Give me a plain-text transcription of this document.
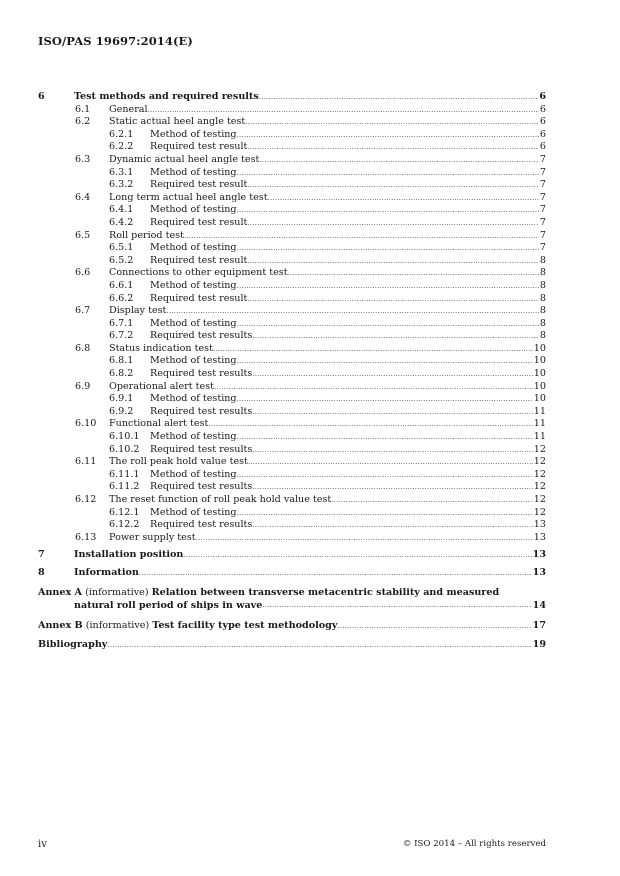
ISO/PAS 19697:2014(E)
6	Test methods and required results .....	6
6.1 General .....	6
6.2 Static actual heel angle test .....	6
6.2.1 Method of testing .....	6
6.2.2 Required test result .....	6
6.3 Dynamic actual heel angle test .....	7
6.3.1 Method of testing .....	7
6.3.2 Required test result .....	7
6.4 Long term actual heel angle test .....	7
6.4.1 Method of testing .....	7
6.4.2 Required test result .....	7
6.5 Roll period test .....	7
6.5.1 Method of testing .....	7
6.5.2 Required test result .....	8
6.6 Connections to other equipment test .....	8
6.6.1 Method of testing .....	8
6.6.2 Required test result .....	8
6.7 Display test .....	8
6.7.1 Method of testing .....	8
6.7.2 Required test results .....	8
6.8 Status indication test .....	10
6.8.1 Method of testing .....	10
6.8.2 Required test results .....	10
6.9 Operational alert test .....	10
6.9.1 Method of testing .....	10
6.9.2 Required test results .....	11
6.10 Functional alert test .....	11
6.10.1 Method of testing .....	11
6.10.2 Required test results .....	12
6.11 The roll peak hold value test .....	12
6.11.1 Method of testing .....	12
6.11.2 Required test results .....	12
6.12 The reset function of roll peak hold value test .....	12
6.12.1 Method of testing .....	12
6.12.2 Required test results .....	13
6.13 Power supply test .....	13
7	Installation position .....	13
8	Information .....	13
Annex A (informative) Relation between transverse metacentric stability and measured
natural roll period of ships in wave .....	14
Annex B (informative) Test facility type test methodology .....	17
Bibliography .....	19
iv	© ISO 2014 – All rights reserved
